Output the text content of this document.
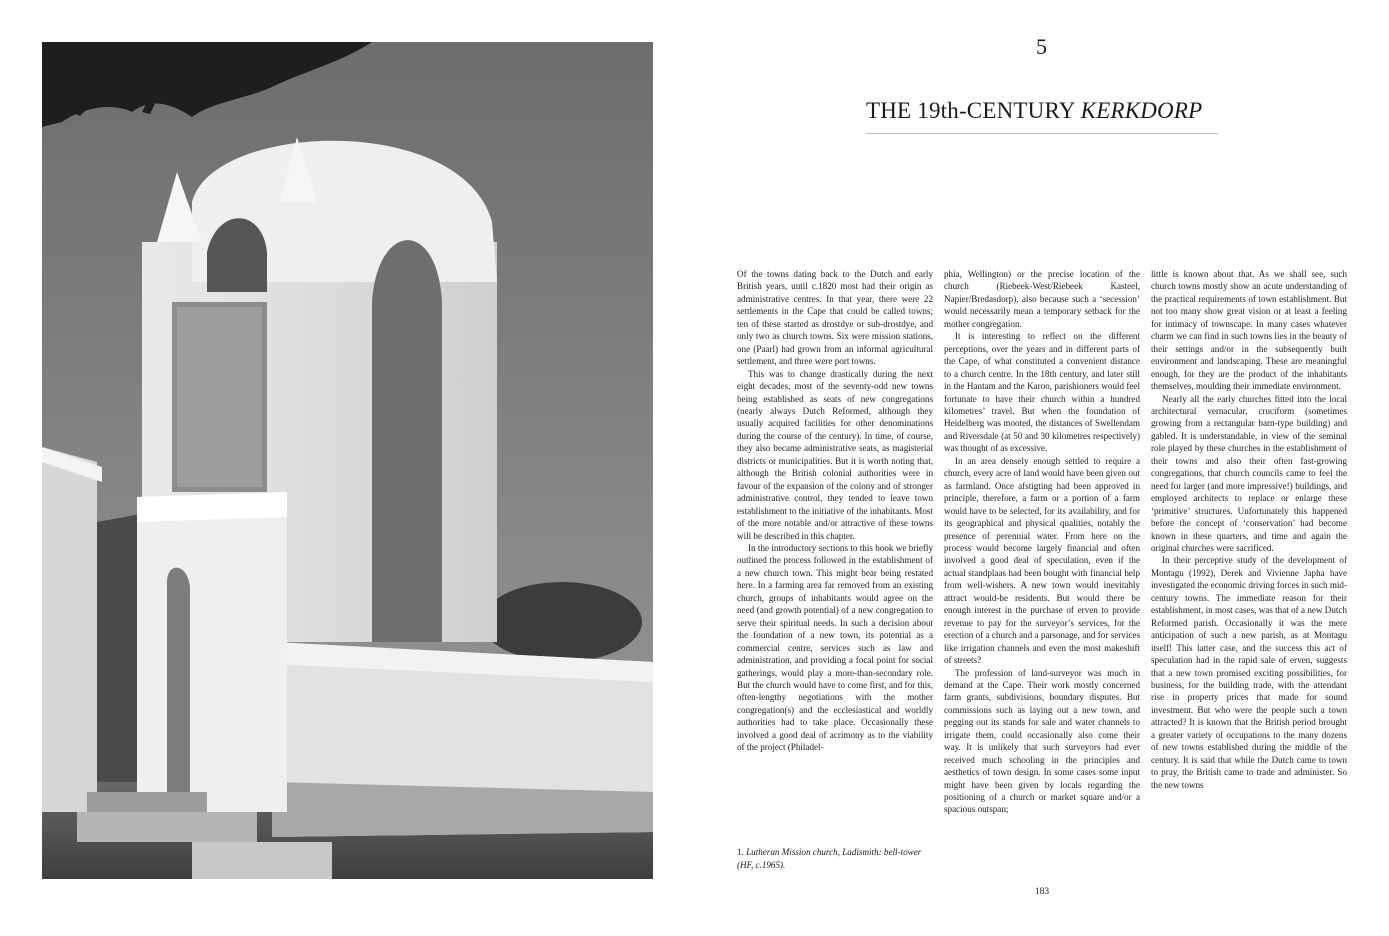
5
THE 19th-CENTURY KERKDORP

Of the towns dating back to the Dutch and early British years, until c.1820 most had their origin as administrative centres. In that year, there were 22 settlements in the Cape that could be called towns; ten of these started as drostdye or sub-drostdye, and only two as church towns. Six were mission stations, one (Paarl) had grown from an informal agricultural settlement, and three were port towns.

This was to change drastically during the next eight decades, most of the seventy-odd new towns being established as seats of new congregations (nearly always Dutch Reformed, although they usually acquired facilities for other denominations during the course of the century). In time, of course, they also became administrative seats, as magisterial districts or municipalities. But it is worth noting that, although the British colonial authorities were in favour of the expansion of the colony and of stronger administrative control, they tended to leave town establishment to the initiative of the inhabitants. Most of the more notable and/or attractive of these towns will be described in this chapter.

In the introductory sections to this book we briefly outlined the process followed in the establishment of a new church town. This might bear being restated here. In a farming area far removed from an existing church, groups of inhabitants would agree on the need (and growth potential) of a new congregation to serve their spiritual needs. In such a decision about the foundation of a new town, its potential as a commercial centre, services such as law and administration, and providing a focal point for social gatherings, would play a more-than-secondary role. But the church would have to come first, and for this, often-lengthy negotiations with the mother congregation(s) and the ecclesiastical and worldly authorities had to take place. Occasionally these involved a good deal of acrimony as to the viability of the project (Philadel-

phia, Wellington) or the precise location of the church (Riebeek-West/Riebeek Kasteel, Napier/Bredasdorp), also because such a ‘secession’ would necessarily mean a temporary setback for the mother congregation.

It is interesting to reflect on the different perceptions, over the years and in different parts of the Cape, of what constituted a convenient distance to a church centre. In the 18th century, and later still in the Hantam and the Karoo, parishioners would feel fortunate to have their church within a hundred kilometres’ travel. But when the foundation of Heidelberg was mooted, the distances of Swellendam and Riversdale (at 50 and 30 kilometres respectively) was thought of as excessive.

In an area densely enough settled to require a church, every acre of land would have been given out as farmland. Once afstigting had been approved in principle, therefore, a farm or a portion of a farm would have to be selected, for its availability, and for its geographical and physical qualities, notably the presence of perennial water. From here on the process would become largely financial and often involved a good deal of speculation, even if the actual standplaas had been bought with financial help from well-wishers. A new town would inevitably attract would-be residents. But would there be enough interest in the purchase of erven to provide revenue to pay for the surveyor’s services, for the erection of a church and a parsonage, and for services like irrigation channels and even the most makeshift of streets?

The profession of land-surveyor was much in demand at the Cape. Their work mostly concerned farm grants, subdivisions, boundary disputes. But commissions such as laying out a new town, and pegging out its stands for sale and water channels to irrigate them, could occasionally also come their way. It is unlikely that such surveyors had ever received much schooling in the principles and aesthetics of town design. In some cases some input might have been given by locals regarding the positioning of a church or market square and/or a spacious outspan;

little is known about that. As we shall see, such church towns mostly show an acute understanding of the practical requirements of town establishment. But not too many show great vision or at least a feeling for intimacy of townscape. In many cases whatever charm we can find in such towns lies in the beauty of their settings and/or in the subsequently built environment and landscaping. These are meaningful enough, for they are the product of the inhabitants themselves, moulding their immediate environment.

Nearly all the early churches fitted into the local architectural vernacular, cruciform (sometimes growing from a rectangular barn-type building) and gabled. It is understandable, in view of the seminal role played by these churches in the establishment of their towns and also their often fast-growing congregations, that church councils came to feel the need for larger (and more impressive!) buildings, and employed architects to replace or enlarge these ‘primitive’ structures. Unfortunately this happened before the concept of ‘conservation’ had become known in these quarters, and time and again the original churches were sacrificed.

In their perceptive study of the development of Montagu (1992), Derek and Vivienne Japha have investigated the economic driving forces in such mid-century towns. The immediate reason for their establishment, in most cases, was that of a new Dutch Reformed parish. Occasionally it was the mere anticipation of such a new parish, as at Montagu itself! This latter case, and the success this act of speculation had in the rapid sale of erven, suggests that a new town promised exciting possibilities, for business, for the building trade, with the attendant rise in property prices that made for sound investment. But who were the people such a town attracted? It is known that the British period brought a greater variety of occupations to the many dozens of new towns established during the middle of the century. It is said that while the Dutch came to town to pray, the British came to trade and administer. So the new towns

1. Lutheran Mission church, Ladismith: bell-tower (HF, c.1965).
183
